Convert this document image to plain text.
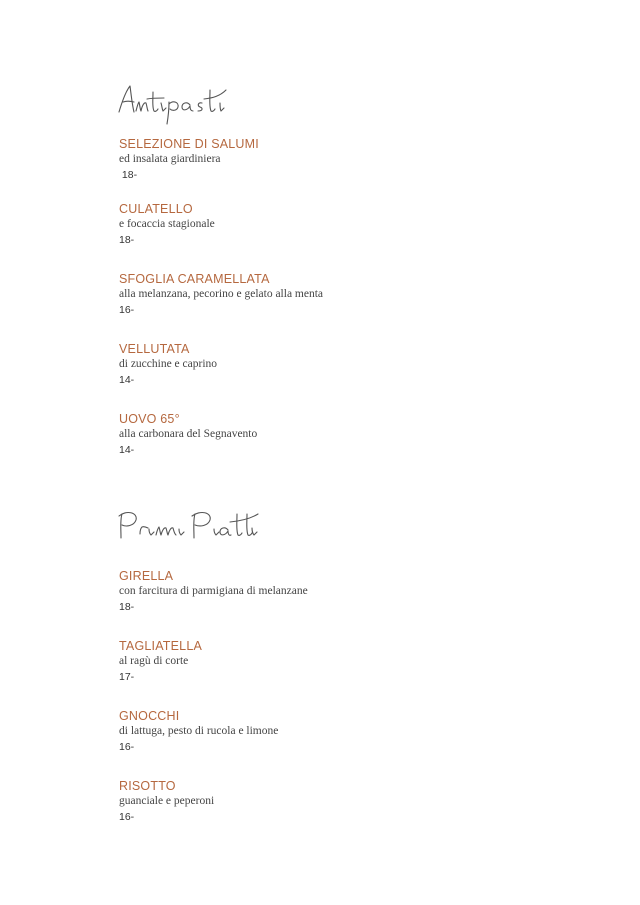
SELEZIONE DI SALUMI
ed insalata giardiniera
18-
CULATELLO
e focaccia stagionale
18-
SFOGLIA CARAMELLATA
alla melanzana, pecorino e gelato alla menta
16-
VELLUTATA
di zucchine e caprino
14-
UOVO 65°
alla carbonara del Segnavento
14-
GIRELLA
con farcitura di parmigiana di melanzane
18-
TAGLIATELLA
al ragù di corte
17-
GNOCCHI
di lattuga, pesto di rucola e limone
16-
RISOTTO
guanciale e peperoni
16-
